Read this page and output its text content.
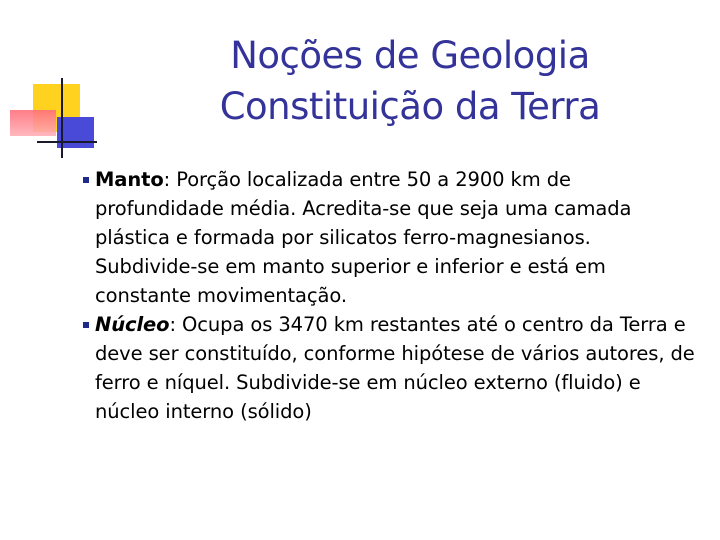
Noções de Geologia
Constituição da Terra
Manto: Porção localizada entre 50 a 2900 km de profundidade média. Acredita-se que seja uma camada plástica e formada por silicatos ferro-magnesianos. Subdivide-se em manto superior e inferior e está em constante movimentação.
Núcleo: Ocupa os 3470 km restantes até o centro da Terra e deve ser constituído, conforme hipótese de vários autores, de ferro e níquel. Subdivide-se em núcleo externo (fluido) e núcleo interno (sólido)
